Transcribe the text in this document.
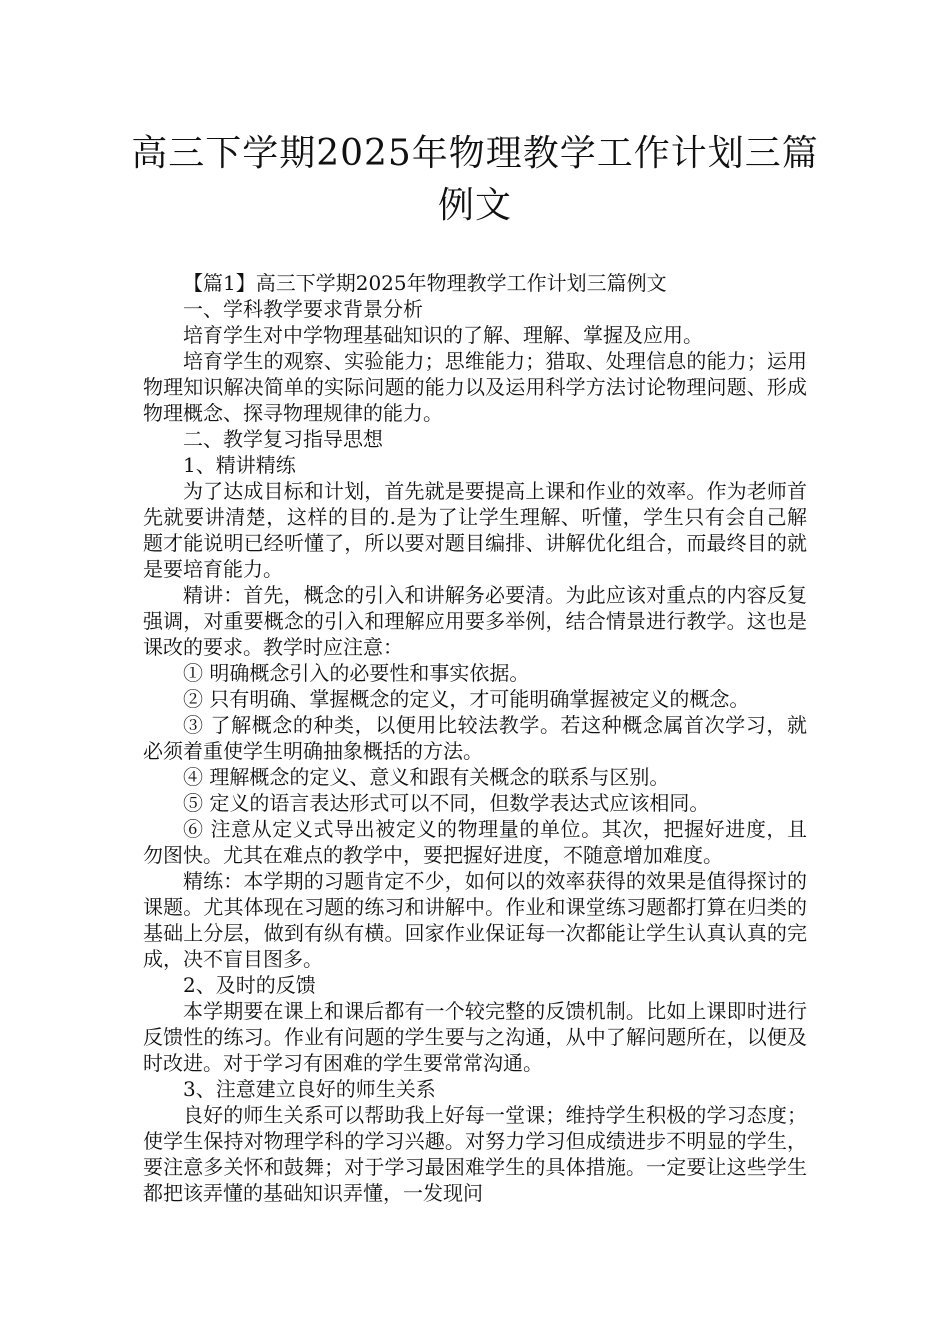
高三下学期2025年物理教学工作计划三篇例文

【篇1】高三下学期2025年物理教学工作计划三篇例文

一、学科教学要求背景分析

培育学生对中学物理基础知识的了解、理解、掌握及应用。

培育学生的观察、实验能力；思维能力；猎取、处理信息的能力；运用物理知识解决简单的实际问题的能力以及运用科学方法讨论物理问题、形成物理概念、探寻物理规律的能力。

二、教学复习指导思想

1、精讲精练

为了达成目标和计划，首先就是要提高上课和作业的效率。作为老师首先就要讲清楚，这样的目的.是为了让学生理解、听懂，学生只有会自己解题才能说明已经听懂了，所以要对题目编排、讲解优化组合，而最终目的就是要培育能力。

精讲：首先，概念的引入和讲解务必要清。为此应该对重点的内容反复强调，对重要概念的引入和理解应用要多举例，结合情景进行教学。这也是课改的要求。教学时应注意：

① 明确概念引入的必要性和事实依据。

② 只有明确、掌握概念的定义，才可能明确掌握被定义的概念。

③ 了解概念的种类，以便用比较法教学。若这种概念属首次学习，就必须着重使学生明确抽象概括的方法。

④ 理解概念的定义、意义和跟有关概念的联系与区别。

⑤ 定义的语言表达形式可以不同，但数学表达式应该相同。

⑥ 注意从定义式导出被定义的物理量的单位。其次，把握好进度，且勿图快。尤其在难点的教学中，要把握好进度，不随意增加难度。

精练：本学期的习题肯定不少，如何以的效率获得的效果是值得探讨的课题。尤其体现在习题的练习和讲解中。作业和课堂练习题都打算在归类的基础上分层，做到有纵有横。回家作业保证每一次都能让学生认真认真的完成，决不盲目图多。

2、及时的反馈

本学期要在课上和课后都有一个较完整的反馈机制。比如上课即时进行反馈性的练习。作业有问题的学生要与之沟通，从中了解问题所在，以便及时改进。对于学习有困难的学生要常常沟通。

3、注意建立良好的师生关系

良好的师生关系可以帮助我上好每一堂课；维持学生积极的学习态度；使学生保持对物理学科的学习兴趣。对努力学习但成绩进步不明显的学生，要注意多关怀和鼓舞；对于学习最困难学生的具体措施。一定要让这些学生都把该弄懂的基础知识弄懂，一发现问
